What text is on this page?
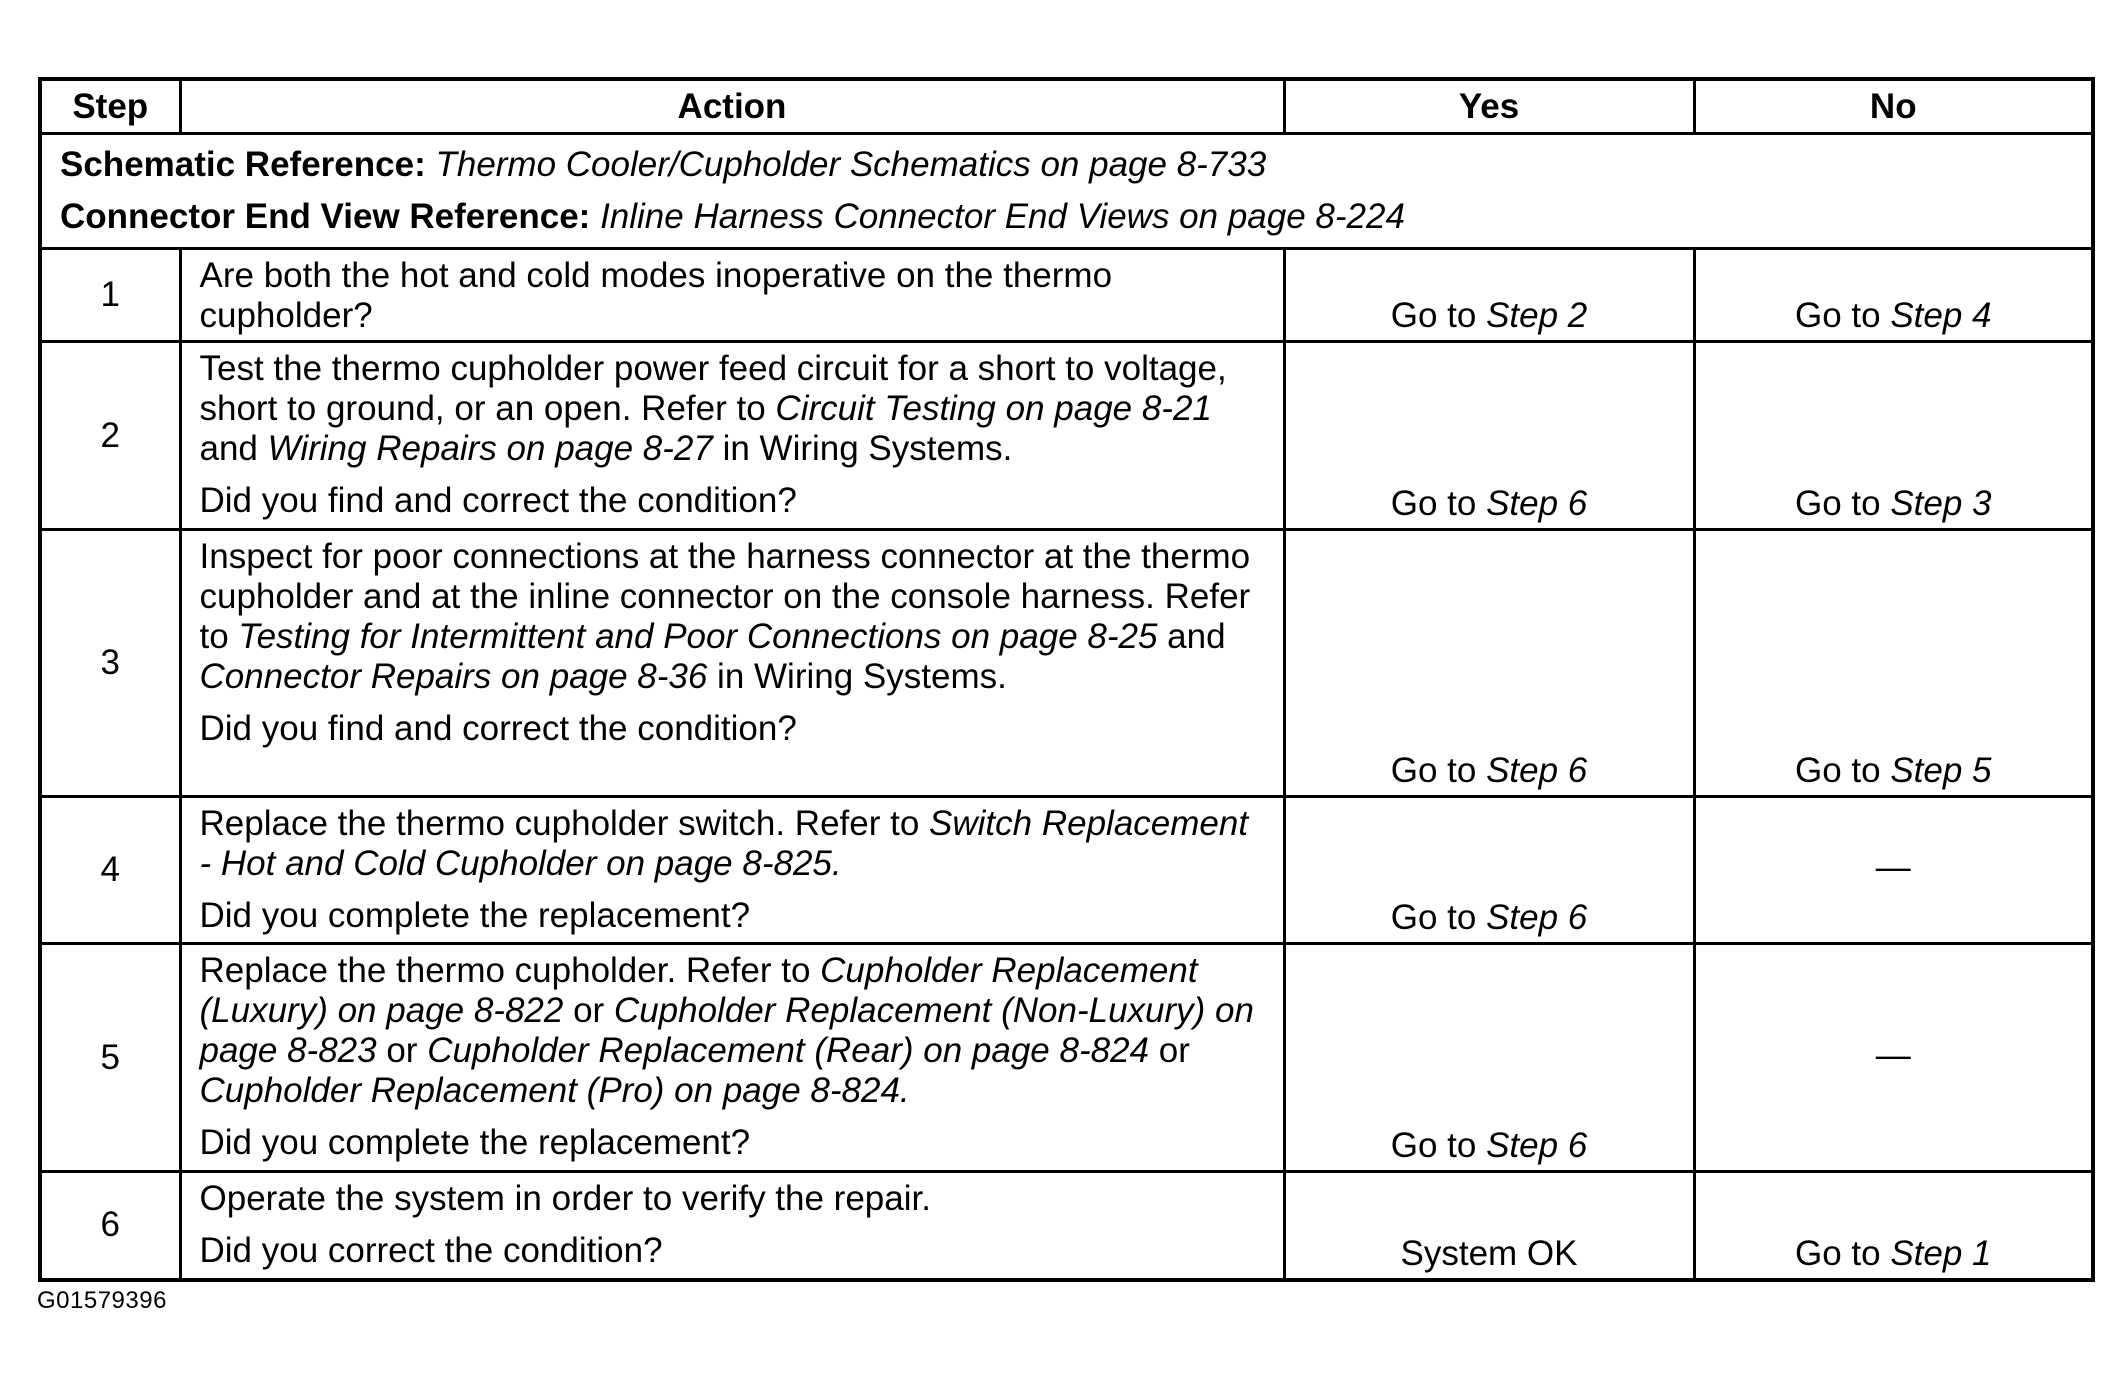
Step	Action	Yes	No

Schematic Reference: Thermo Cooler/Cupholder Schematics on page 8-733
Connector End View Reference: Inline Harness Connector End Views on page 8-224			

1	Are both the hot and cold modes inoperative on the thermo cupholder?	Go to Step 2	Go to Step 4
2	Test the thermo cupholder power feed circuit for a short to voltage, short to ground, or an open. Refer to Circuit Testing on page 8-21 and Wiring Repairs on page 8-27 in Wiring Systems.
Did you find and correct the condition?	Go to Step 6	Go to Step 3
3	Inspect for poor connections at the harness connector at the thermo cupholder and at the inline connector on the console harness. Refer to Testing for Intermittent and Poor Connections on page 8-25 and Connector Repairs on page 8-36 in Wiring Systems.
Did you find and correct the condition?	Go to Step 6	Go to Step 5
4	Replace the thermo cupholder switch. Refer to Switch Replacement - Hot and Cold Cupholder on page 8-825.
Did you complete the replacement?	Go to Step 6	—
5	Replace the thermo cupholder. Refer to Cupholder Replacement (Luxury) on page 8-822 or Cupholder Replacement (Non-Luxury) on page 8-823 or Cupholder Replacement (Rear) on page 8-824 or Cupholder Replacement (Pro) on page 8-824.
Did you complete the replacement?	Go to Step 6	—
6	Operate the system in order to verify the repair.
Did you correct the condition?	System OK	Go to Step 1
G01579396
